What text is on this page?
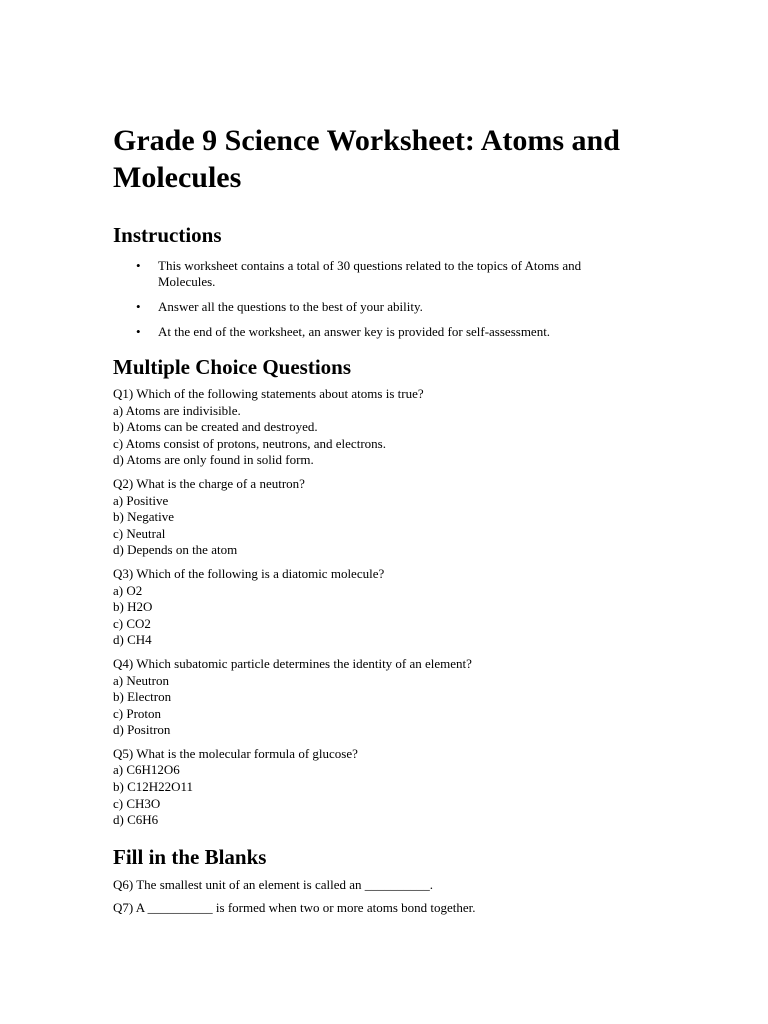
Grade 9 Science Worksheet: Atoms and Molecules
Instructions
• This worksheet contains a total of 30 questions related to the topics of Atoms and Molecules.
• Answer all the questions to the best of your ability.
• At the end of the worksheet, an answer key is provided for self-assessment.
Multiple Choice Questions
Q1) Which of the following statements about atoms is true?
a) Atoms are indivisible.
b) Atoms can be created and destroyed.
c) Atoms consist of protons, neutrons, and electrons.
d) Atoms are only found in solid form.
Q2) What is the charge of a neutron?
a) Positive
b) Negative
c) Neutral
d) Depends on the atom
Q3) Which of the following is a diatomic molecule?
a) O2
b) H2O
c) CO2
d) CH4
Q4) Which subatomic particle determines the identity of an element?
a) Neutron
b) Electron
c) Proton
d) Positron
Q5) What is the molecular formula of glucose?
a) C6H12O6
b) C12H22O11
c) CH3O
d) C6H6
Fill in the Blanks
Q6) The smallest unit of an element is called an __________.
Q7) A __________ is formed when two or more atoms bond together.
